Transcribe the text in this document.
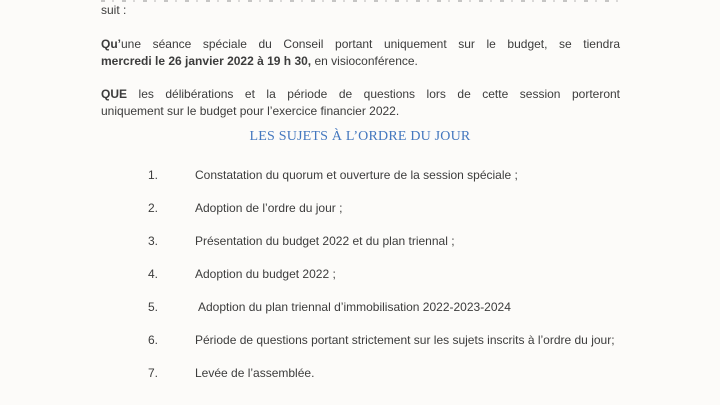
suit :
Qu’une séance spéciale du Conseil portant uniquement sur le budget, se tiendra
mercredi le 26 janvier 2022 à 19 h 30, en visioconférence.
QUE les délibérations et la période de questions lors de cette session porteront
uniquement sur le budget pour l’exercice financier 2022.
LES SUJETS À L’ORDRE DU JOUR
1.	Constatation du quorum et ouverture de la session spéciale ;
2.	Adoption de l’ordre du jour ;
3.	Présentation du budget 2022 et du plan triennal ;
4.	Adoption du budget 2022 ;
5.	Adoption du plan triennal d’immobilisation 2022-2023-2024
6.	Période de questions portant strictement sur les sujets inscrits à l’ordre du jour;
7.	Levée de l’assemblée.
